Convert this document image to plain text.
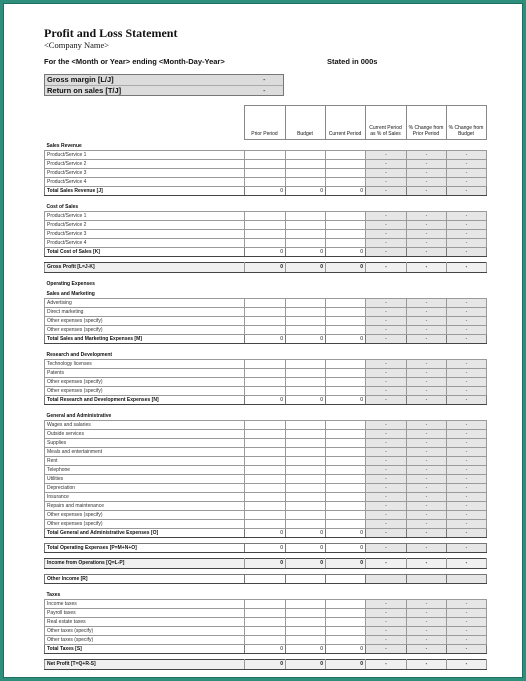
Profit and Loss Statement
<Company Name>
For the <Month or Year> ending <Month-Day-Year>	Stated in 000s
Gross margin [L/J]	-
Return on sales [T/J]	-
	Prior Period	Budget	Current Period	Current Period as % of Sales	% Change from Prior Period	% Change from Budget
Sales Revenue						
Product/Service 1				-	-	-
Product/Service 2				-	-	-
Product/Service 3				-	-	-
Product/Service 4				-	-	-
Total Sales Revenue [J]	0	0	0	-	-	-

Cost of Sales						
Product/Service 1				-	-	-
Product/Service 2				-	-	-
Product/Service 3				-	-	-
Product/Service 4				-	-	-
Total Cost of Sales [K]	0	0	0	-	-	-

Gross Profit [L=J-K]	0	0	0	-	-	-

Operating Expenses						
Sales and Marketing						
Advertising				-	-	-
Direct marketing				-	-	-
Other expenses (specify)				-	-	-
Other expenses (specify)				-	-	-
Total Sales and Marketing Expenses [M]	0	0	0	-	-	-

Research and Development						
Technology licenses				-	-	-
Patents				-	-	-
Other expenses (specify)				-	-	-
Other expenses (specify)				-	-	-
Total Research and Development Expenses [N]	0	0	0	-	-	-

General and Administrative						
Wages and salaries				-	-	-
Outside services				-	-	-
Supplies				-	-	-
Meals and entertainment				-	-	-
Rent				-	-	-
Telephone				-	-	-
Utilities				-	-	-
Depreciation				-	-	-
Insurance				-	-	-
Repairs and maintenance				-	-	-
Other expenses (specify)				-	-	-
Other expenses (specify)				-	-	-
Total General and Administrative Expenses [O]	0	0	0	-	-	-

Total Operating Expenses [P=M+N+O]	0	0	0	-	-	-

Income from Operations [Q=L-P]	0	0	0	-	-	-

Other Income [R]						

Taxes						
Income taxes				-	-	-
Payroll taxes				-	-	-
Real estate taxes				-	-	-
Other taxes (specify)				-	-	-
Other taxes (specify)				-	-	-
Total Taxes [S]	0	0	0	-	-	-

Net Profit [T=Q+R-S]	0	0	0	-	-	-
